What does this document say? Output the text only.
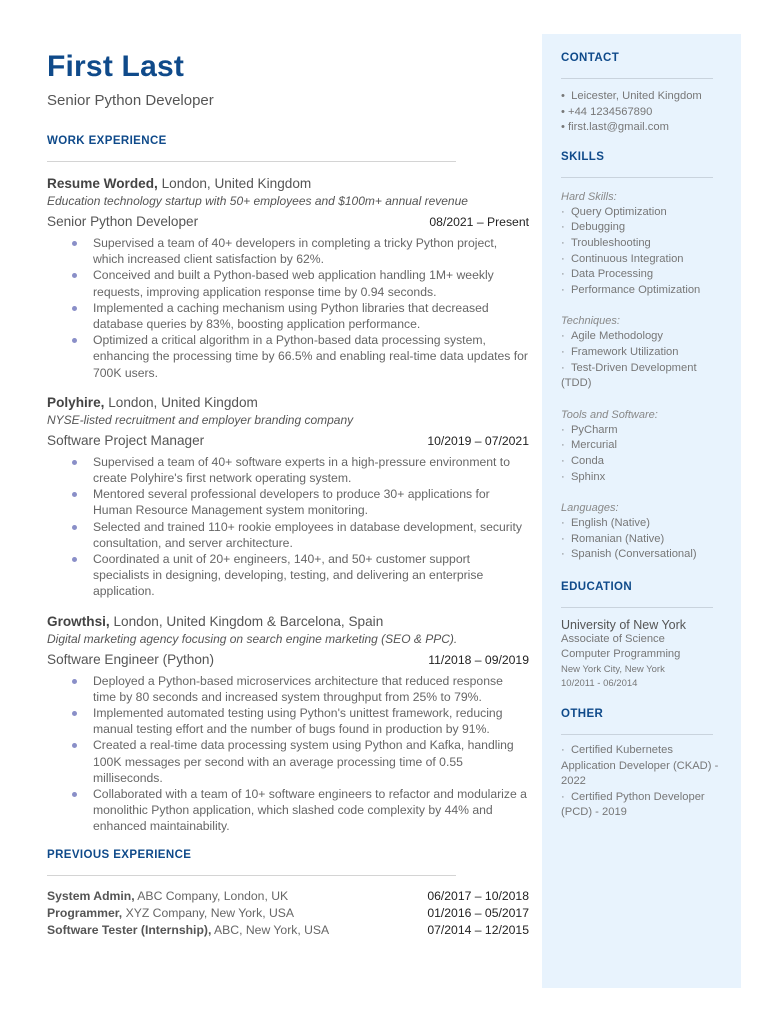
First Last
Senior Python Developer
WORK EXPERIENCE
Resume Worded, London, United Kingdom
Education technology startup with 50+ employees and $100m+ annual revenue
Senior Python Developer	08/2021 – Present
Supervised a team of 40+ developers in completing a tricky Python project, which increased client satisfaction by 62%.
Conceived and built a Python-based web application handling 1M+ weekly requests, improving application response time by 0.94 seconds.
Implemented a caching mechanism using Python libraries that decreased database queries by 83%, boosting application performance.
Optimized a critical algorithm in a Python-based data processing system, enhancing the processing time by 66.5% and enabling real-time data updates for 700K users.
Polyhire, London, United Kingdom
NYSE-listed recruitment and employer branding company
Software Project Manager	10/2019 – 07/2021
Supervised a team of 40+ software experts in a high-pressure environment to create Polyhire's first network operating system.
Mentored several professional developers to produce 30+ applications for Human Resource Management system monitoring.
Selected and trained 110+ rookie employees in database development, security consultation, and server architecture.
Coordinated a unit of 20+ engineers, 140+, and 50+ customer support specialists in designing, developing, testing, and delivering an enterprise application.
Growthsi, London, United Kingdom & Barcelona, Spain
Digital marketing agency focusing on search engine marketing (SEO & PPC).
Software Engineer (Python)	11/2018 – 09/2019
Deployed a Python-based microservices architecture that reduced response time by 80 seconds and increased system throughput from 25% to 79%.
Implemented automated testing using Python's unittest framework, reducing manual testing effort and the number of bugs found in production by 91%.
Created a real-time data processing system using Python and Kafka, handling 100K messages per second with an average processing time of 0.55 milliseconds.
Collaborated with a team of 10+ software engineers to refactor and modularize a monolithic Python application, which slashed code complexity by 44% and enhanced maintainability.
PREVIOUS EXPERIENCE
System Admin, ABC Company, London, UK	06/2017 – 10/2018
Programmer, XYZ Company, New York, USA	01/2016 – 05/2017
Software Tester (Internship), ABC, New York, USA	07/2014 – 12/2015
CONTACT
•  Leicester, United Kingdom
• +44 1234567890
• first.last@gmail.com
SKILLS
Hard Skills:
·  Query Optimization
·  Debugging
·  Troubleshooting
·  Continuous Integration
·  Data Processing
·  Performance Optimization
Techniques:
·  Agile Methodology
·  Framework Utilization
·  Test-Driven Development (TDD)
Tools and Software:
·  PyCharm
·  Mercurial
·  Conda
·  Sphinx
Languages:
·  English (Native)
·  Romanian (Native)
·  Spanish (Conversational)
EDUCATION
University of New York
Associate of Science
Computer Programming
New York City, New York
10/2011 - 06/2014
OTHER
·  Certified Kubernetes Application Developer (CKAD) - 2022
·  Certified Python Developer (PCD) - 2019
